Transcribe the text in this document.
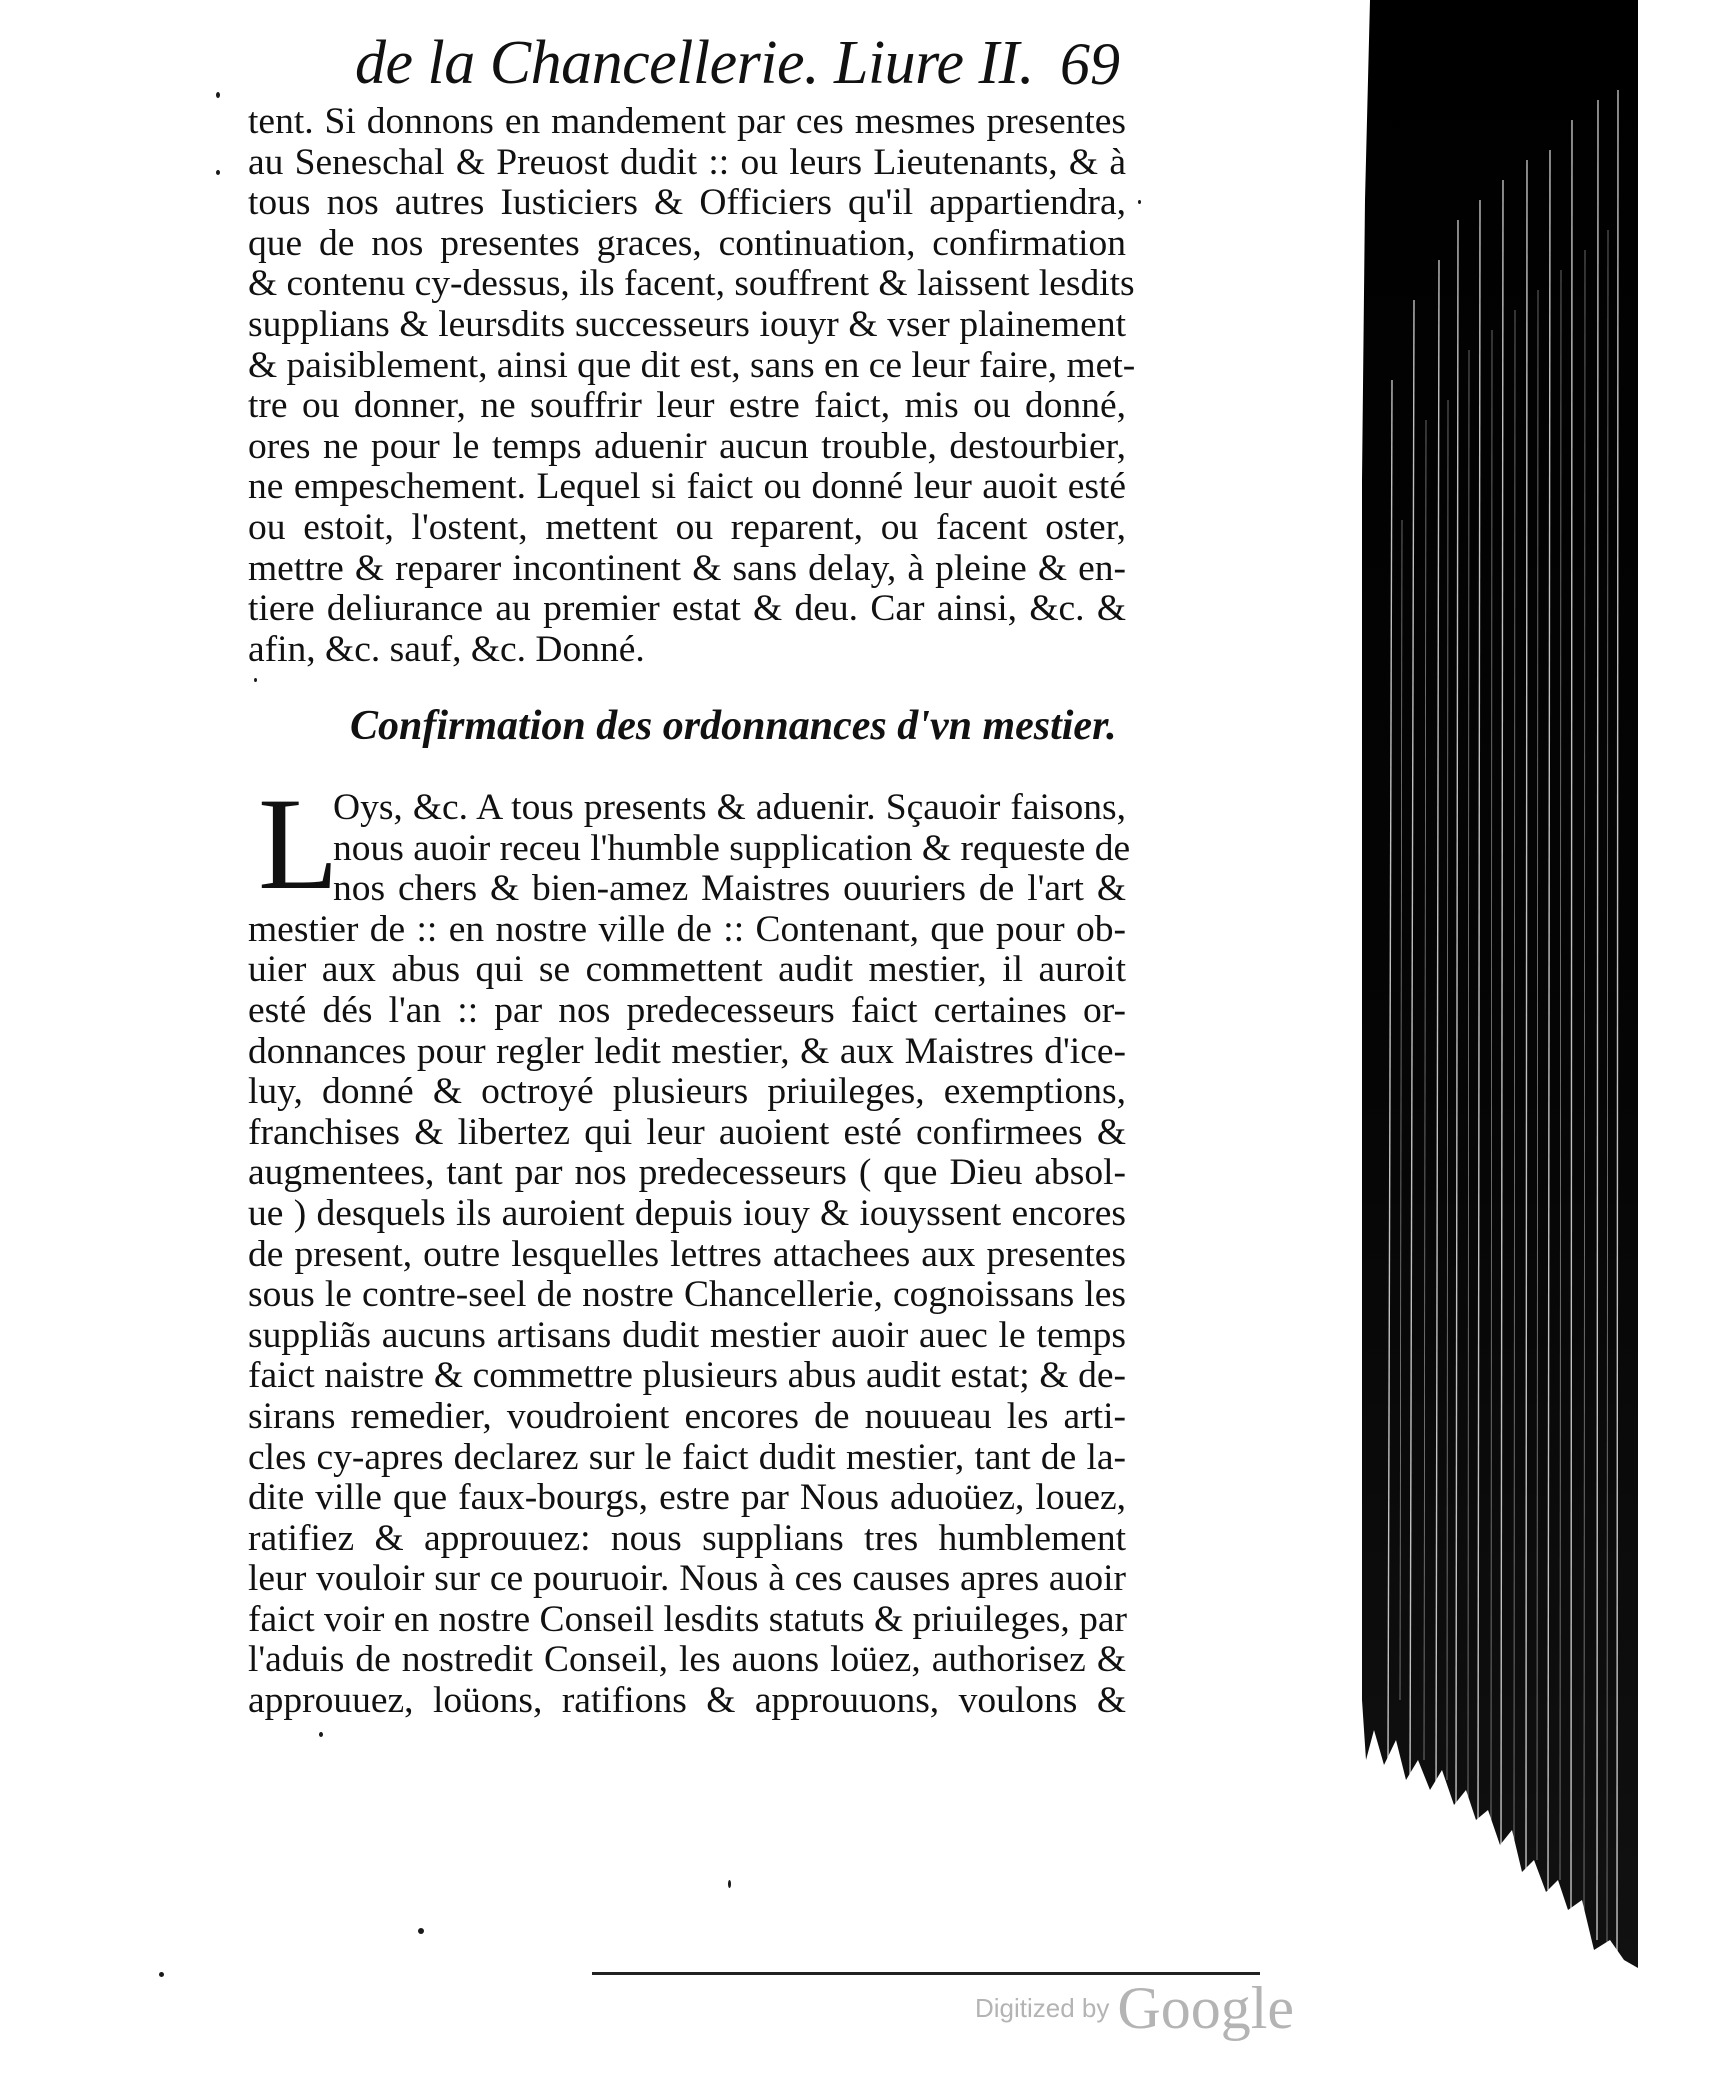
de la Chancellerie. Liure II. 69
tent. Si donnons en mandement par ces mesmes presentes
au Seneschal & Preuost dudit :: ou leurs Lieutenants, & à
tous nos autres Iusticiers & Officiers qu'il appartiendra,
que de nos presentes graces, continuation, confirmation
& contenu cy-dessus, ils facent, souffrent & laissent lesdits
supplians & leursdits successeurs iouyr & vser plainement
& paisiblement, ainsi que dit est, sans en ce leur faire, met-
tre ou donner, ne souffrir leur estre faict, mis ou donné,
ores ne pour le temps aduenir aucun trouble, destourbier,
ne empeschement. Lequel si faict ou donné leur auoit esté
ou estoit, l'ostent, mettent ou reparent, ou facent oster,
mettre & reparer incontinent & sans delay, à pleine & en-
tiere deliurance au premier estat & deu. Car ainsi, &c. &
afin, &c. sauf, &c. Donné.
Confirmation des ordonnances d'vn mestier.
L
Oys, &c. A tous presents & aduenir. Sçauoir faisons,
nous auoir receu l'humble supplication & requeste de
nos chers & bien-amez Maistres ouuriers de l'art &
mestier de :: en nostre ville de :: Contenant, que pour ob-
uier aux abus qui se commettent audit mestier, il auroit
esté dés l'an :: par nos predecesseurs faict certaines or-
donnances pour regler ledit mestier, & aux Maistres d'ice-
luy, donné & octroyé plusieurs priuileges, exemptions,
franchises & libertez qui leur auoient esté confirmees &
augmentees, tant par nos predecesseurs ( que Dieu absol-
ue ) desquels ils auroient depuis iouy & iouyssent encores
de present, outre lesquelles lettres attachees aux presentes
sous le contre-seel de nostre Chancellerie, cognoissans les
suppliãs aucuns artisans dudit mestier auoir auec le temps
faict naistre & commettre plusieurs abus audit estat; & de-
sirans remedier, voudroient encores de nouueau les arti-
cles cy-apres declarez sur le faict dudit mestier, tant de la-
dite ville que faux-bourgs, estre par Nous aduoüez, louez,
ratifiez & approuuez: nous supplians tres humblement
leur vouloir sur ce pouruoir. Nous à ces causes apres auoir
faict voir en nostre Conseil lesdits statuts & priuileges, par
l'aduis de nostredit Conseil, les auons loüez, authorisez &
approuuez, loüons, ratifions & approuuons, voulons &
Digitized by Google
